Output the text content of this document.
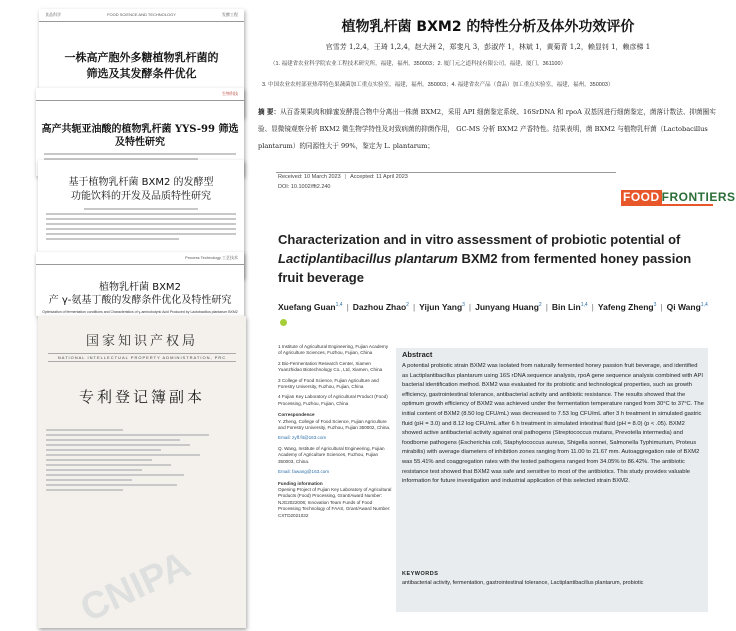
食品科学	FOOD SCIENCE AND TECHNOLOGY	发酵工程
一株高产胞外多糖植物乳杆菌的
筛选及其发酵条件优化
生物科技
高产共轭亚油酸的植物乳杆菌 YYS-99 筛选
及特性研究
基于植物乳杆菌 BXM2 的发酵型
功能饮料的开发及品质特性研究
Process Technology 工艺技术
植物乳杆菌 BXM2
产 γ-氨基丁酸的发酵条件优化及特性研究
Optimization of fermentation conditions and Characteristics of γ-aminobutyric Acid Produced by Lactobacillus plantarum BXM2
国家知识产权局
NATIONAL INTELLECTUAL PROPERTY ADMINISTRATION, PRC
专利登记簿副本
CNIPA
植物乳杆菌 BXM2 的特性分析及体外功效评价
官雪芳 1,2,4，王琦 1,2,4，赵大洲 2，郑斐凡 3，彭淑芹 1，林斌 1，黄菊青 1,2，赖显钊 1，赖彦梯 1
（1. 福建省农业科学院农业工程技术研究所，福建，福州，350003；2. 厦门元之道科技有限公司，福建，厦门，361100）
3. 中国农业农村部亚热带特色果蔬菌加工重点实验室，福建，福州，350003；4. 福建省农产品（食品）加工重点实验室，福建，福州，350003）
摘 要：从百香果果肉和蜂蜜发酵混合物中分离出一株菌 BXM2，采用 API 细菌鉴定系统、16SrDNA 和 rpoA 双基因进行细菌鉴定，菌落计数法、抑菌圈实验、显微镜观察分析 BXM2 微生物学特性及对致病菌的抑菌作用， GC-MS 分析 BXM2 产香特性。结果表明，菌 BXM2 与植物乳杆菌（Lactobacillus plantarum）的同源性大于 99%，鉴定为 L. plantarum；
Received: 10 March 2023 | Accepted: 11 April 2023
DOI: 10.1002/fft2.240
FOOD FRONTIERS
Characterization and in vitro assessment of probiotic potential of Lactiplantibacillus plantarum BXM2 from fermented honey passion fruit beverage
Xuefang Guan$^{1,4}$ | Dazhou Zhao$^2$ | Yijun Yang$^3$ | Junyang Huang$^2$ | Bin Lin$^{1,4}$ | Yafeng Zheng$^3$ | Qi Wang$^{1,4}$

1 Institute of Agricultural Engineering, Fujian Academy of Agriculture Sciences, Fuzhou, Fujian, China

2 Bio-Fermentation Research Center, Xiamen Yuanzhidao Biotechnology Co., Ltd, Xiamen, China

3 College of Food Science, Fujian Agriculture and Forestry University, Fuzhou, Fujian, China

4 Fujian Key Laboratory of Agricultural Product (Food) Processing, Fuzhou, Fujian, China

Correspondence

Y. Zheng, College of Food Science, Fujian Agriculture and Forestry University, Fuzhou, Fujian 350002, China.

Email: zyff.fit@163.com

Q. Wang, Institute of Agricultural Engineering, Fujian Academy of Agriculture Sciences, Fuzhou, Fujian 350003, China.

Email: fawang@163.com

Funding information

Opening Project of Fujian Key Laboratory of Agricultural Products (Food) Processing, Grant/Award Number: NJG2022006; Innovation Team Funds of Food Processing Technology of FAAS, Grant/Award Number: CXTD2021032

Abstract
A potential probiotic strain BXM2 was isolated from naturally fermented honey passion fruit beverage, and identified as Lactiplantibacillus plantarum using 16S rDNA sequence analysis, rpoA gene sequence analysis combined with API bacterial identification method. BXM2 was evaluated for its probiotic and technological properties, such as growth efficiency, gastrointestinal tolerance, antibacterial activity and antibiotic resistance. The results showed that the optimum growth efficiency of BXM2 was achieved under the fermentation temperature ranged from 30°C to 37°C. The initial content of BXM2 (8.50 log CFU/mL) was decreased to 7.53 log CFU/mL after 3 h treatment in simulated gastric fluid (pH = 3.0) and 8.12 log CFU/mL after 6 h treatment in simulated intestinal fluid (pH = 8.0) (p < .05). BXM2 showed active antibacterial activity against oral pathogens (Streptococcus mutans, Prevotella intermedia) and foodborne pathogens (Escherichia coli, Staphylococcus aureus, Shigella sonnei, Salmonella Typhimurium, Proteus mirabilis) with average diameters of inhibition zones ranging from 11.00 to 21.67 mm. Autoaggregation rate of BXM2 was 55.41% and coaggregation rates with the tested pathogens ranged from 34.05% to 86.42%. The antibiotic resistance test showed that BXM2 was safe and sensitive to most of the antibiotics. This study provides valuable information for future investigation and industrial application of this selected strain BXM2.
KEYWORDS
antibacterial activity, fermentation, gastrointestinal tolerance, Lactiplantibacillus plantarum, probiotic
